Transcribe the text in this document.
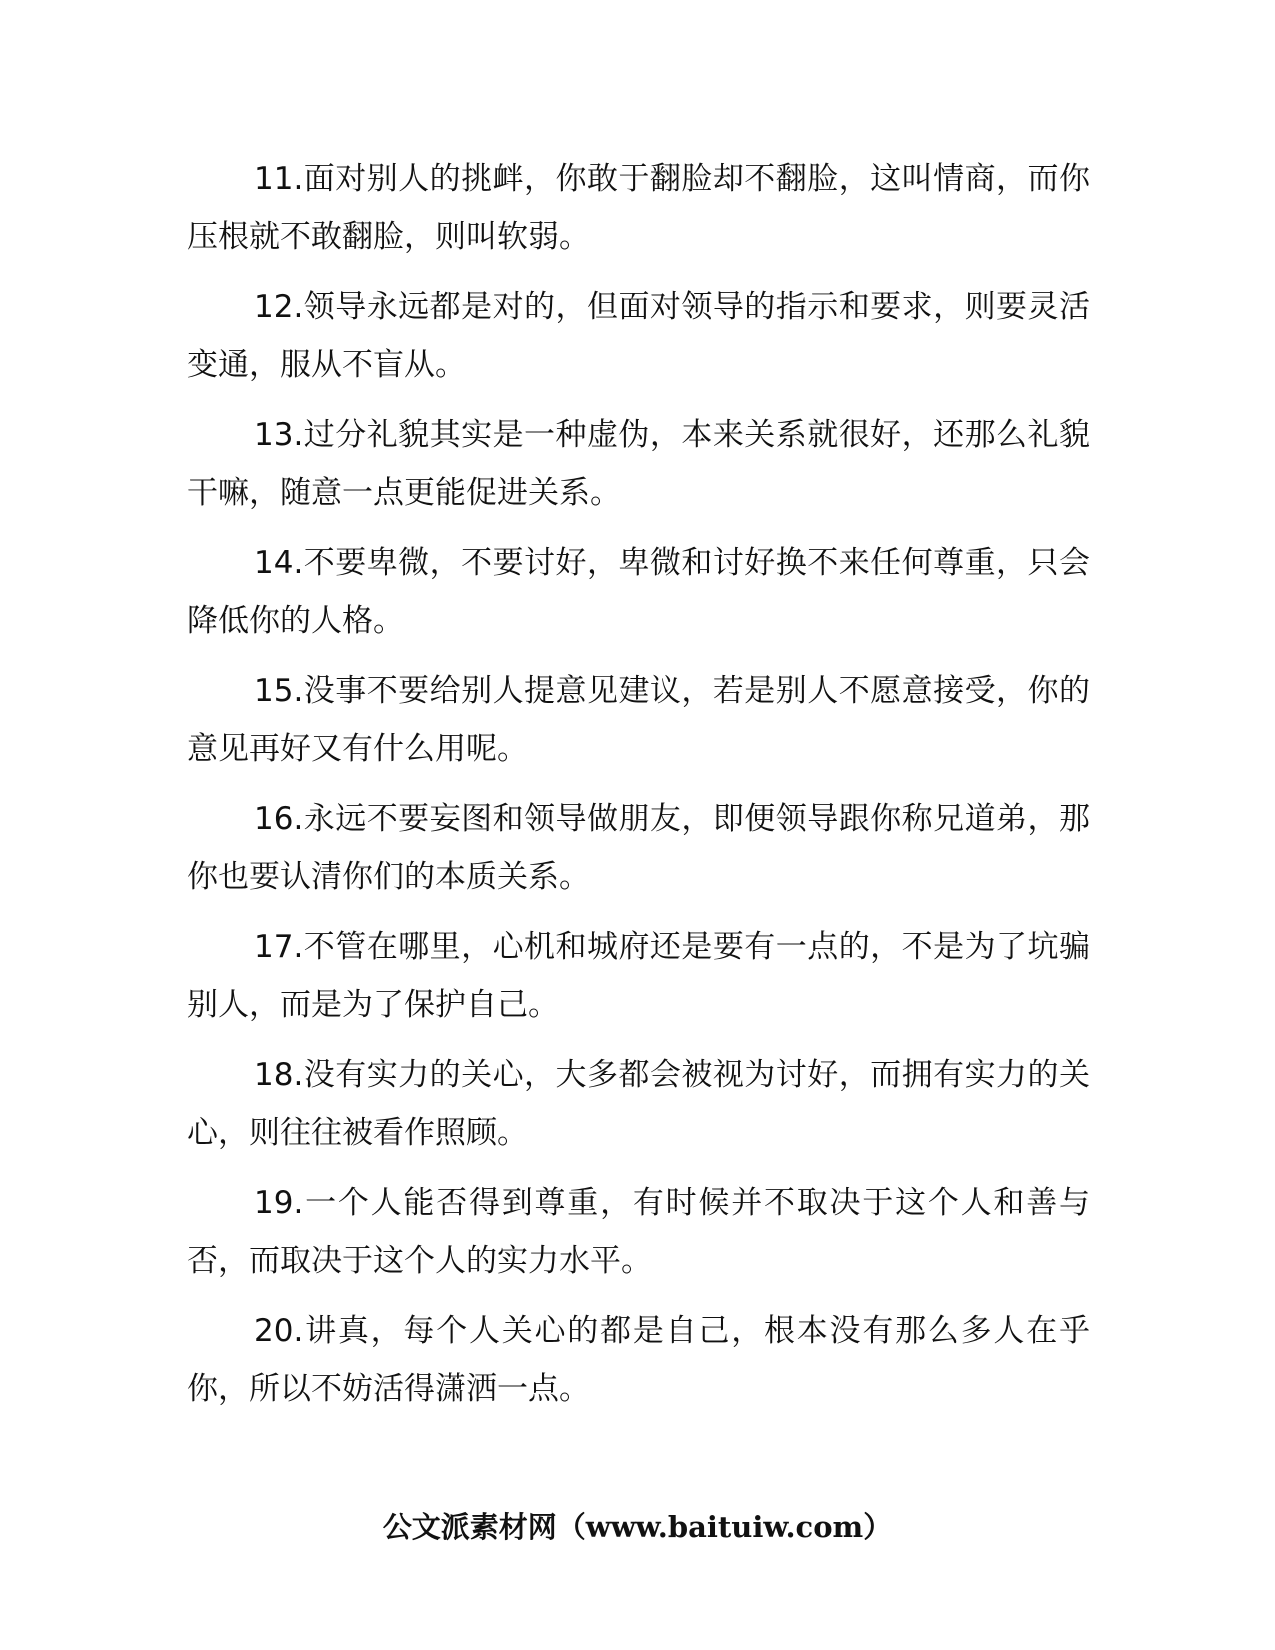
11.面对别人的挑衅，你敢于翻脸却不翻脸，这叫情商，而你压根就不敢翻脸，则叫软弱。

12.领导永远都是对的，但面对领导的指示和要求，则要灵活变通，服从不盲从。

13.过分礼貌其实是一种虚伪，本来关系就很好，还那么礼貌干嘛，随意一点更能促进关系。

14.不要卑微，不要讨好，卑微和讨好换不来任何尊重，只会降低你的人格。

15.没事不要给别人提意见建议，若是别人不愿意接受，你的意见再好又有什么用呢。

16.永远不要妄图和领导做朋友，即便领导跟你称兄道弟，那你也要认清你们的本质关系。

17.不管在哪里，心机和城府还是要有一点的，不是为了坑骗别人，而是为了保护自己。

18.没有实力的关心，大多都会被视为讨好，而拥有实力的关心，则往往被看作照顾。

19.一个人能否得到尊重，有时候并不取决于这个人和善与否，而取决于这个人的实力水平。

20.讲真，每个人关心的都是自己，根本没有那么多人在乎你，所以不妨活得潇洒一点。

公文派素材网（www.baituiw.com）
